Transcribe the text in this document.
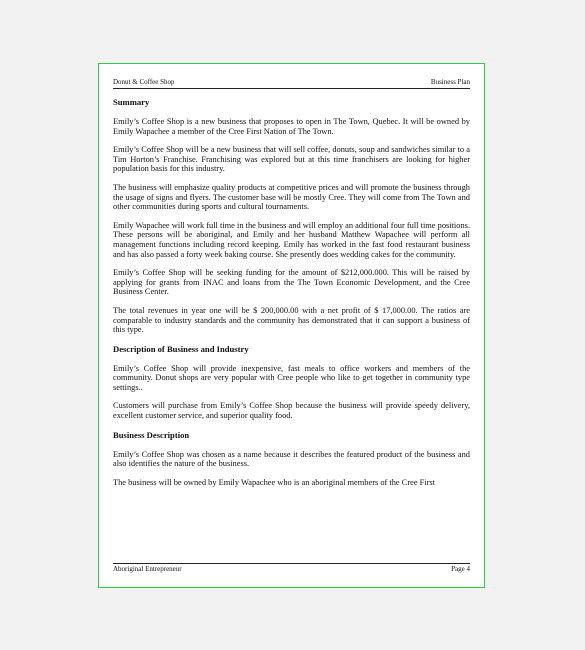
Donut & Coffee Shop	Business Plan
Summary

Emily’s Coffee Shop is a new business that proposes to open in The Town, Quebec. It will be owned by Emily Wapachee a member of the Cree First Nation of The Town.

Emily’s Coffee Shop will be a new business that will sell coffee, donuts, soup and sandwiches similar to a Tim Horton’s Franchise. Franchising was explored but at this time franchisers are looking for higher population basis for this industry.

The business will emphasize quality products at competitive prices and will promote the business through the usage of signs and flyers. The customer base will be mostly Cree. They will come from The Town and other communities during sports and cultural tournaments.

Emily Wapachee will work full time in the business and will employ an additional four full time positions. These persons will be aboriginal, and Emily and her husband Matthew Wapachee will perform all management functions including record keeping. Emily has worked in the fast food restaurant business and has also passed a forty week baking course. She presently does wedding cakes for the community.

Emily’s Coffee Shop will be seeking funding for the amount of $212,000.000. This will be raised by applying for grants from INAC and loans from the The Town Economic Development, and the Cree Business Center.

The total revenues in year one will be $ 200,000.00 with a net profit of $ 17,000.00. The ratios are comparable to industry standards and the community has demonstrated that it can support a business of this type.

Description of Business and Industry

Emily’s Coffee Shop will provide inexpensive, fast meals to office workers and members of the community. Donut shops are very popular with Cree people who like to get together in community type settings..

Customers will purchase from Emily’s Coffee Shop because the business will provide speedy delivery, excellent customer service, and superior quality food.

Business Description

Emily’s Coffee Shop was chosen as a name because it describes the featured product of the business and also identifies the nature of the business.

The business will be owned by Emily Wapachee who is an aboriginal members of the Cree First

Aboriginal Entrepreneur	Page 4
